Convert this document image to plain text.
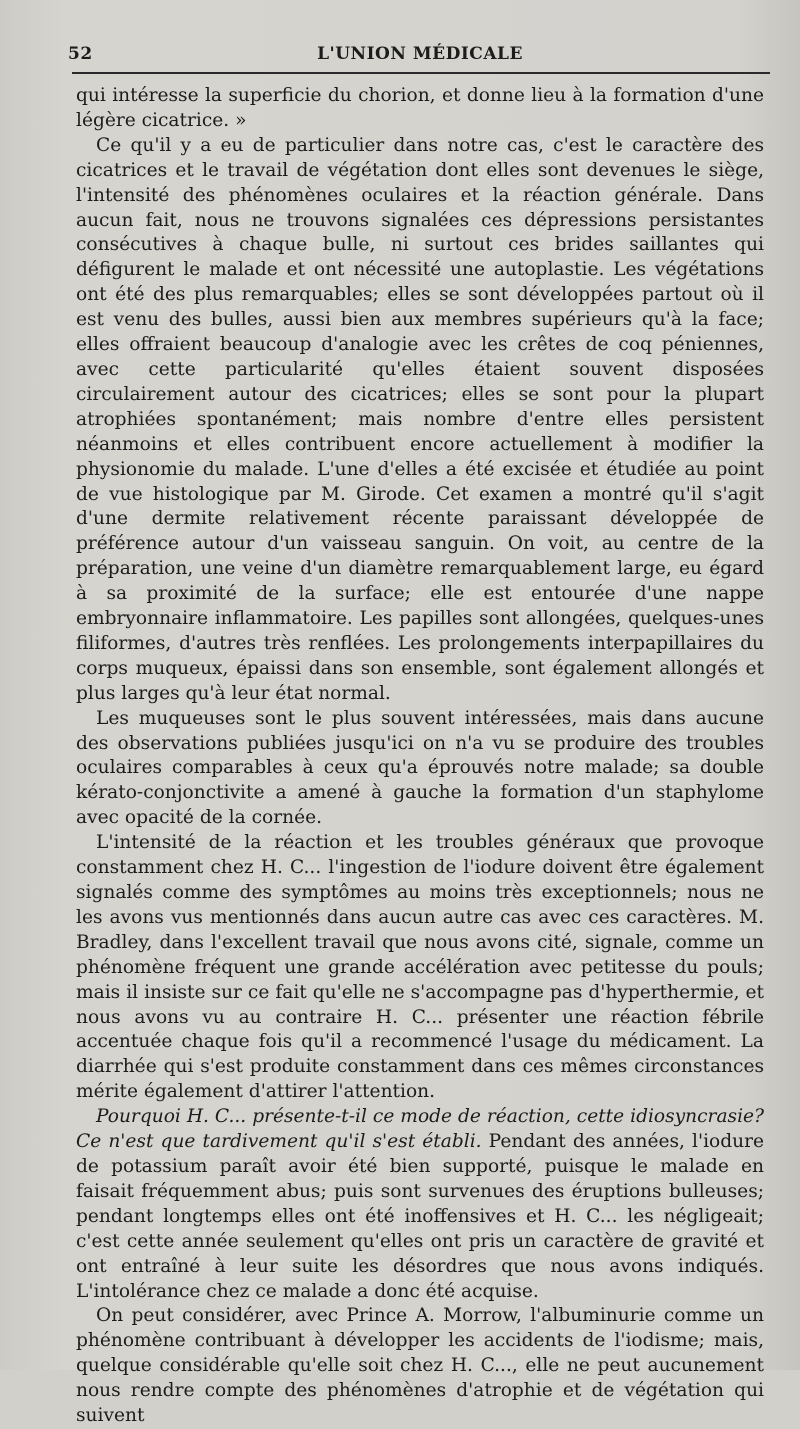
52	L'UNION MÉDICALE

qui intéresse la superficie du chorion, et donne lieu à la formation d'une légère cicatrice. »

Ce qu'il y a eu de particulier dans notre cas, c'est le caractère des cicatrices et le travail de végétation dont elles sont devenues le siège, l'intensité des phénomènes oculaires et la réaction générale. Dans aucun fait, nous ne trouvons signalées ces dépressions persistantes consécutives à chaque bulle, ni surtout ces brides saillantes qui défigurent le malade et ont nécessité une autoplastie. Les végétations ont été des plus remarquables; elles se sont développées partout où il est venu des bulles, aussi bien aux membres supérieurs qu'à la face; elles offraient beaucoup d'analogie avec les crêtes de coq péniennes, avec cette particularité qu'elles étaient souvent disposées circulairement autour des cicatrices; elles se sont pour la plupart atrophiées spontanément; mais nombre d'entre elles persistent néanmoins et elles contribuent encore actuellement à modifier la physionomie du malade. L'une d'elles a été excisée et étudiée au point de vue histologique par M. Girode. Cet examen a montré qu'il s'agit d'une dermite relativement récente paraissant développée de préférence autour d'un vaisseau sanguin. On voit, au centre de la préparation, une veine d'un diamètre remarquablement large, eu égard à sa proximité de la surface; elle est entourée d'une nappe embryonnaire inflammatoire. Les papilles sont allongées, quelques-unes filiformes, d'autres très renflées. Les prolongements interpapillaires du corps muqueux, épaissi dans son ensemble, sont également allongés et plus larges qu'à leur état normal.

Les muqueuses sont le plus souvent intéressées, mais dans aucune des observations publiées jusqu'ici on n'a vu se produire des troubles oculaires comparables à ceux qu'a éprouvés notre malade; sa double kérato-conjonctivite a amené à gauche la formation d'un staphylome avec opacité de la cornée.

L'intensité de la réaction et les troubles généraux que provoque constamment chez H. C... l'ingestion de l'iodure doivent être également signalés comme des symptômes au moins très exceptionnels; nous ne les avons vus mentionnés dans aucun autre cas avec ces caractères. M. Bradley, dans l'excellent travail que nous avons cité, signale, comme un phénomène fréquent une grande accélération avec petitesse du pouls; mais il insiste sur ce fait qu'elle ne s'accompagne pas d'hyperthermie, et nous avons vu au contraire H. C... présenter une réaction fébrile accentuée chaque fois qu'il a recommencé l'usage du médicament. La diarrhée qui s'est produite constamment dans ces mêmes circonstances mérite également d'attirer l'attention.

Pourquoi H. C... présente-t-il ce mode de réaction, cette idiosyncrasie? Ce n'est que tardivement qu'il s'est établi. Pendant des années, l'iodure de potassium paraît avoir été bien supporté, puisque le malade en faisait fréquemment abus; puis sont survenues des éruptions bulleuses; pendant longtemps elles ont été inoffensives et H. C... les négligeait; c'est cette année seulement qu'elles ont pris un caractère de gravité et ont entraîné à leur suite les désordres que nous avons indiqués. L'intolérance chez ce malade a donc été acquise.

On peut considérer, avec Prince A. Morrow, l'albuminurie comme un phénomène contribuant à développer les accidents de l'iodisme; mais, quelque considérable qu'elle soit chez H. C..., elle ne peut aucunement nous rendre compte des phénomènes d'atrophie et de végétation qui suivent
